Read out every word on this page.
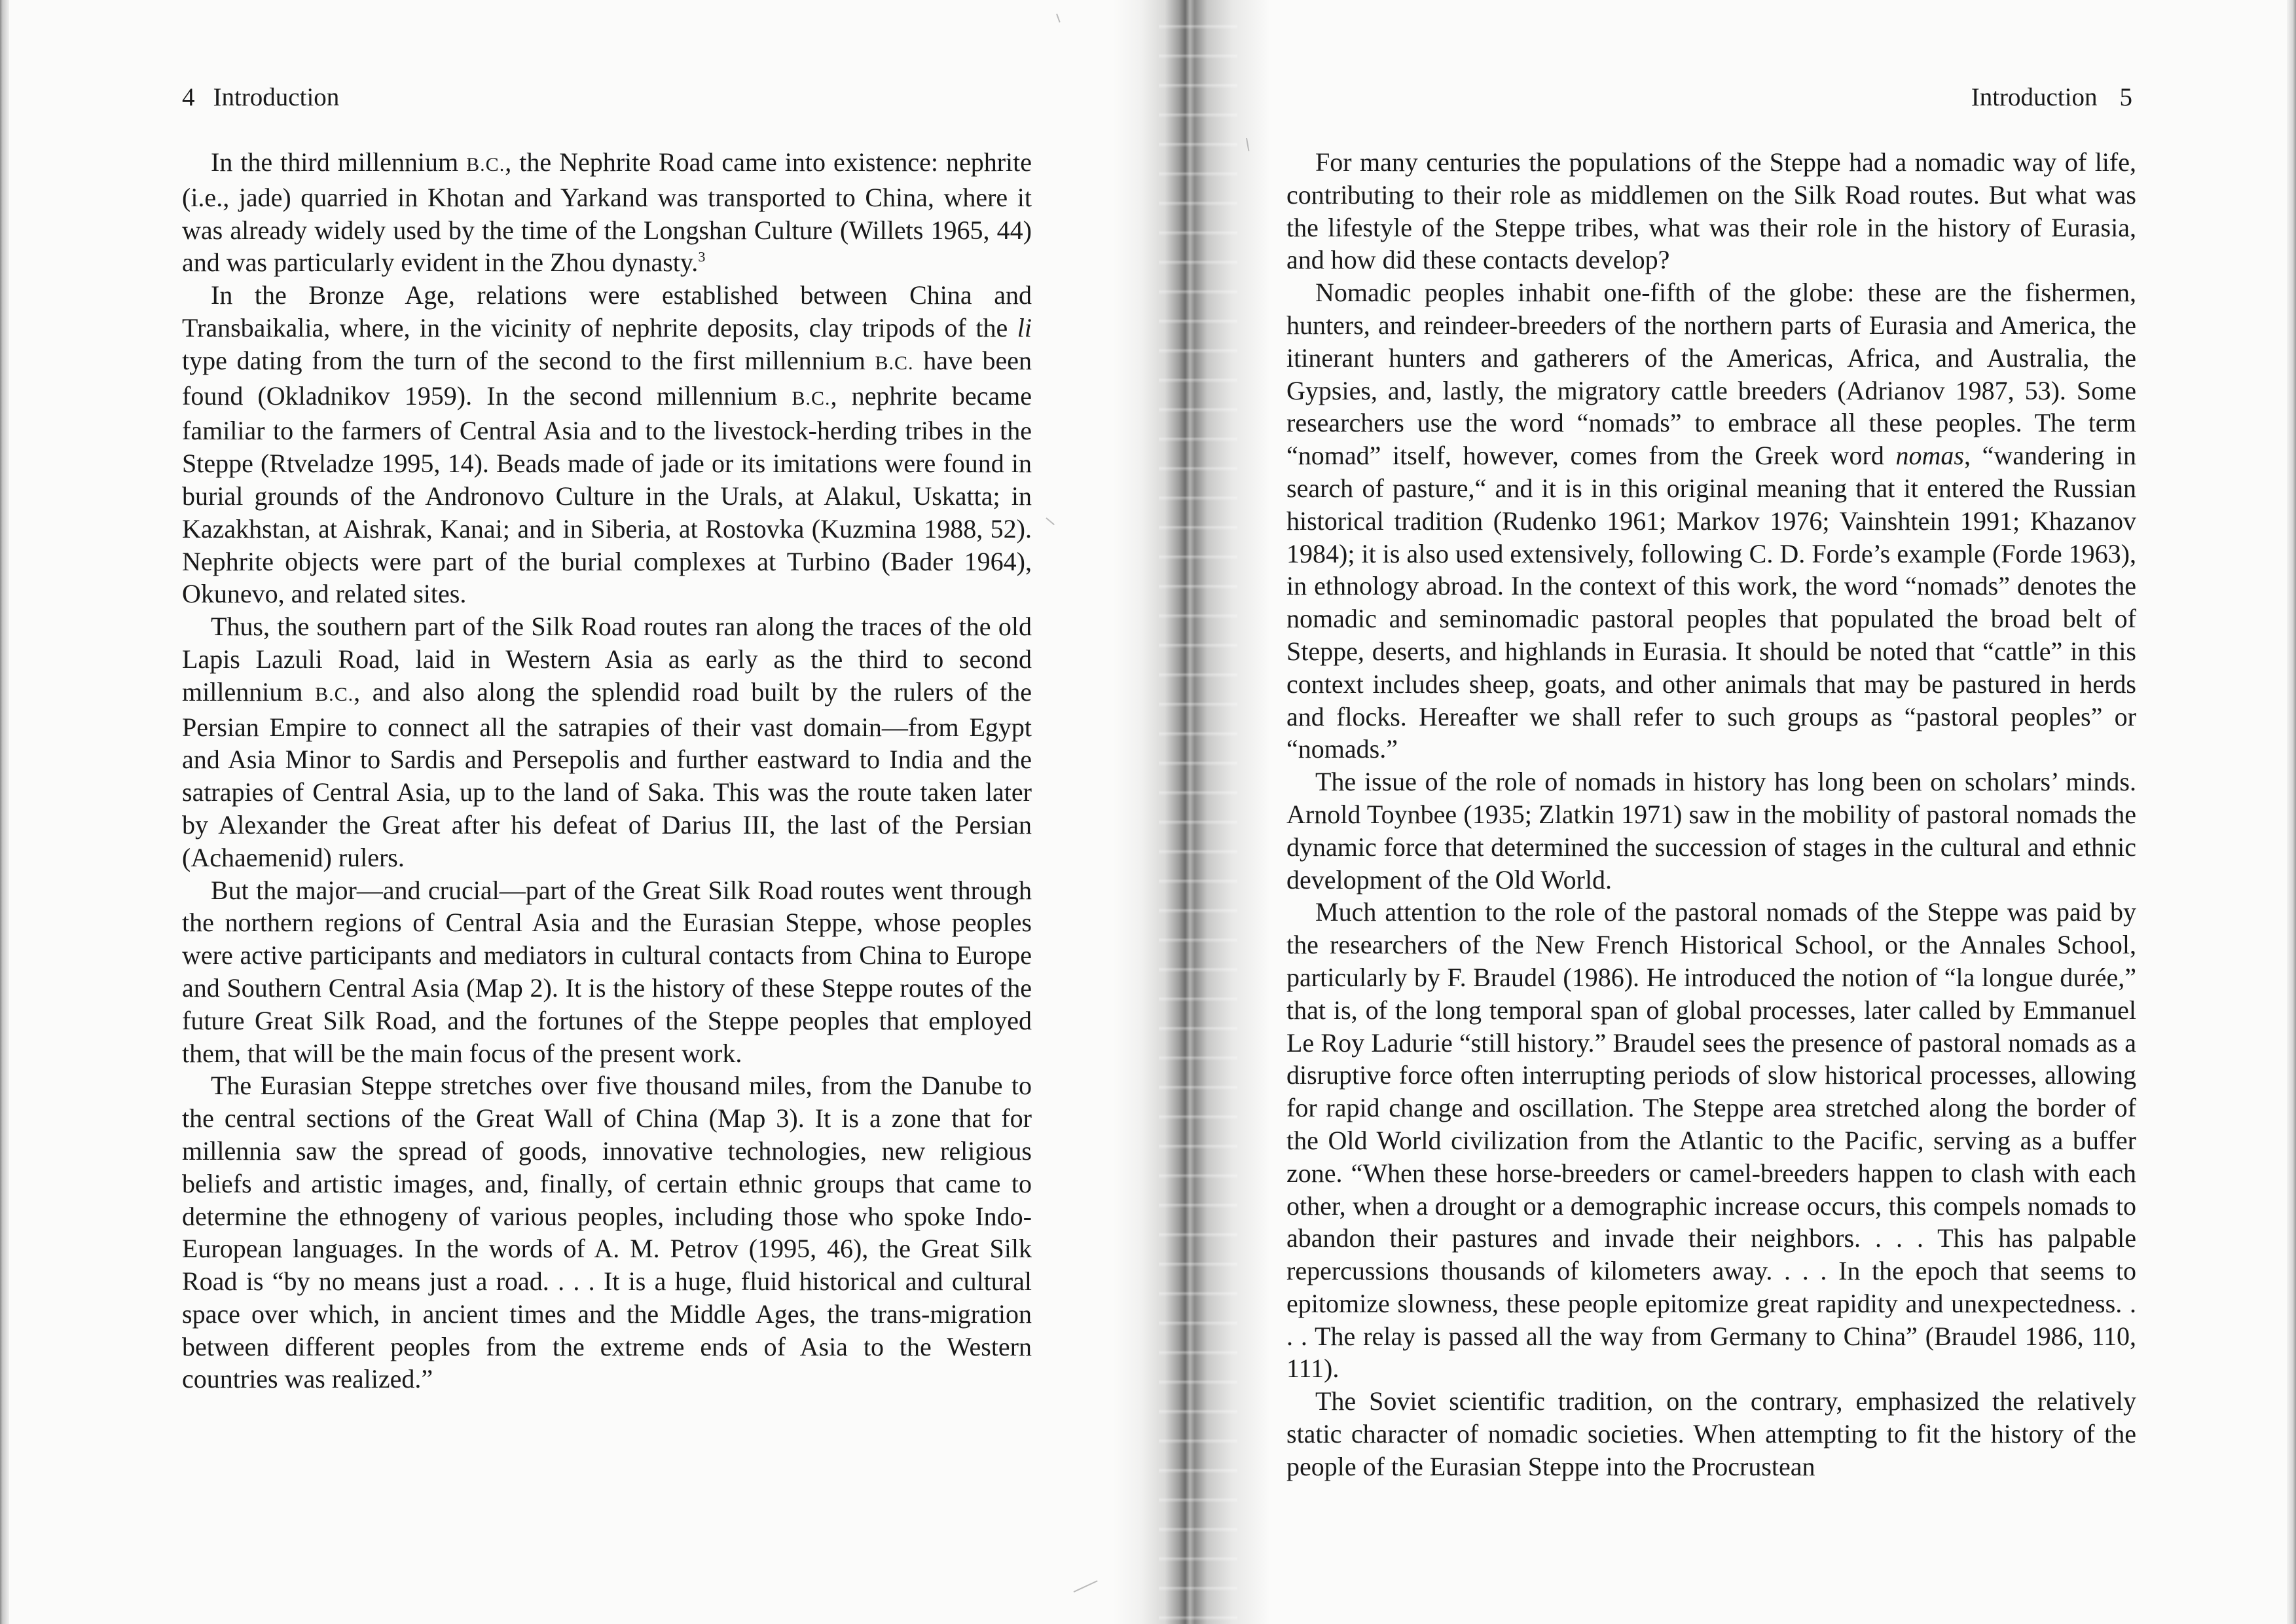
4 Introduction

In the third millennium B.C., the Nephrite Road came into existence: nephrite (i.e., jade) quarried in Khotan and Yarkand was transported to China, where it was already widely used by the time of the Longshan Culture (Willets 1965, 44) and was particularly evident in the Zhou dynasty.$^3$

In the Bronze Age, relations were established between China and Transbaikalia, where, in the vicinity of nephrite deposits, clay tripods of the li type dating from the turn of the second to the first millennium B.C. have been found (Okladnikov 1959). In the second millennium B.C., nephrite became familiar to the farmers of Central Asia and to the livestock-herding tribes in the Steppe (Rtveladze 1995, 14). Beads made of jade or its imitations were found in burial grounds of the Andronovo Culture in the Urals, at Alakul, Uskatta; in Kazakhstan, at Aishrak, Kanai; and in Siberia, at Rostovka (Kuzmina 1988, 52). Nephrite objects were part of the burial complexes at Turbino (Bader 1964), Okunevo, and related sites.

Thus, the southern part of the Silk Road routes ran along the traces of the old Lapis Lazuli Road, laid in Western Asia as early as the third to second millennium B.C., and also along the splendid road built by the rulers of the Persian Empire to connect all the satrapies of their vast domain—from Egypt and Asia Minor to Sardis and Persepolis and further eastward to India and the satrapies of Central Asia, up to the land of Saka. This was the route taken later by Alexander the Great after his defeat of Darius III, the last of the Persian (Achaemenid) rulers.

But the major—and crucial—part of the Great Silk Road routes went through the northern regions of Central Asia and the Eurasian Steppe, whose peoples were active participants and mediators in cultural contacts from China to Europe and Southern Central Asia (Map 2). It is the history of these Steppe routes of the future Great Silk Road, and the fortunes of the Steppe peoples that employed them, that will be the main focus of the present work.

The Eurasian Steppe stretches over five thousand miles, from the Danube to the central sections of the Great Wall of China (Map 3). It is a zone that for millennia saw the spread of goods, innovative technologies, new religious beliefs and artistic images, and, finally, of certain ethnic groups that came to determine the ethnogeny of various peoples, including those who spoke Indo-European languages. In the words of A. M. Petrov (1995, 46), the Great Silk Road is “by no means just a road. . . . It is a huge, fluid historical and cultural space over which, in ancient times and the Middle Ages, the trans-migration between different peoples from the extreme ends of Asia to the Western countries was realized.”

Introduction 5

For many centuries the populations of the Steppe had a nomadic way of life, contributing to their role as middlemen on the Silk Road routes. But what was the lifestyle of the Steppe tribes, what was their role in the history of Eurasia, and how did these contacts develop?

Nomadic peoples inhabit one-fifth of the globe: these are the fishermen, hunters, and reindeer-breeders of the northern parts of Eurasia and America, the itinerant hunters and gatherers of the Americas, Africa, and Australia, the Gypsies, and, lastly, the migratory cattle breeders (Adrianov 1987, 53). Some researchers use the word “nomads” to embrace all these peoples. The term “nomad” itself, however, comes from the Greek word nomas, “wandering in search of pasture,“ and it is in this original meaning that it entered the Russian historical tradition (Rudenko 1961; Markov 1976; Vainshtein 1991; Khazanov 1984); it is also used extensively, following C. D. Forde’s example (Forde 1963), in ethnology abroad. In the context of this work, the word “nomads” denotes the nomadic and seminomadic pastoral peoples that populated the broad belt of Steppe, deserts, and highlands in Eurasia. It should be noted that “cattle” in this context includes sheep, goats, and other animals that may be pastured in herds and flocks. Hereafter we shall refer to such groups as “pastoral peoples” or “nomads.”

The issue of the role of nomads in history has long been on scholars’ minds. Arnold Toynbee (1935; Zlatkin 1971) saw in the mobility of pastoral nomads the dynamic force that determined the succession of stages in the cultural and ethnic development of the Old World.

Much attention to the role of the pastoral nomads of the Steppe was paid by the researchers of the New French Historical School, or the Annales School, particularly by F. Braudel (1986). He introduced the notion of “la longue durée,” that is, of the long temporal span of global processes, later called by Emmanuel Le Roy Ladurie “still history.” Braudel sees the presence of pastoral nomads as a disruptive force often interrupting periods of slow historical processes, allowing for rapid change and oscillation. The Steppe area stretched along the border of the Old World civilization from the Atlantic to the Pacific, serving as a buffer zone. “When these horse-breeders or camel-breeders happen to clash with each other, when a drought or a demographic increase occurs, this compels nomads to abandon their pastures and invade their neighbors. . . . This has palpable repercussions thousands of kilometers away. . . . In the epoch that seems to epitomize slowness, these people epitomize great rapidity and unexpectedness. . . . The relay is passed all the way from Germany to China” (Braudel 1986, 110, 111).

The Soviet scientific tradition, on the contrary, emphasized the relatively static character of nomadic societies. When attempting to fit the history of the people of the Eurasian Steppe into the Procrustean
